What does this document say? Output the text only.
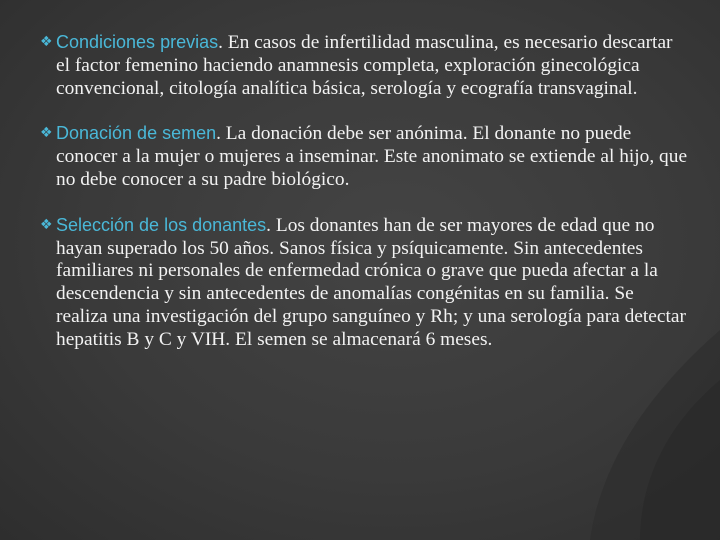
❖ Condiciones previas. En casos de infertilidad masculina, es necesario descartar el factor femenino haciendo anamnesis completa, exploración ginecológica convencional, citología analítica básica, serología y ecografía transvaginal.

❖ Donación de semen. La donación debe ser anónima. El donante no puede conocer a la mujer o mujeres a inseminar. Este anonimato se extiende al hijo, que no debe conocer a su padre biológico.

❖ Selección de los donantes. Los donantes han de ser mayores de edad que no hayan superado los 50 años. Sanos física y psíquicamente. Sin antecedentes familiares ni personales de enfermedad crónica o grave que pueda afectar a la descendencia y sin antecedentes de anomalías congénitas en su familia. Se realiza una investigación del grupo sanguíneo y Rh; y una serología para detectar hepatitis B y C y VIH. El semen se almacenará 6 meses.
